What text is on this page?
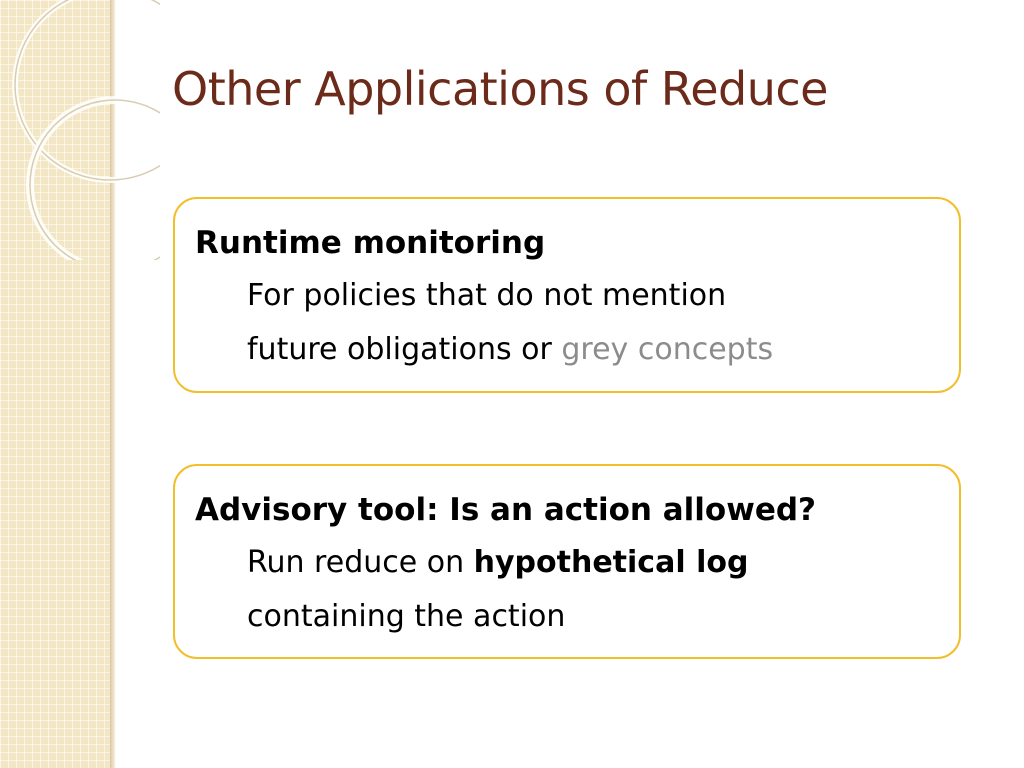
Other Applications of Reduce
Runtime monitoring
For policies that do not mention
future obligations or grey concepts
Advisory tool: Is an action allowed?
Run reduce on hypothetical log
containing the action
